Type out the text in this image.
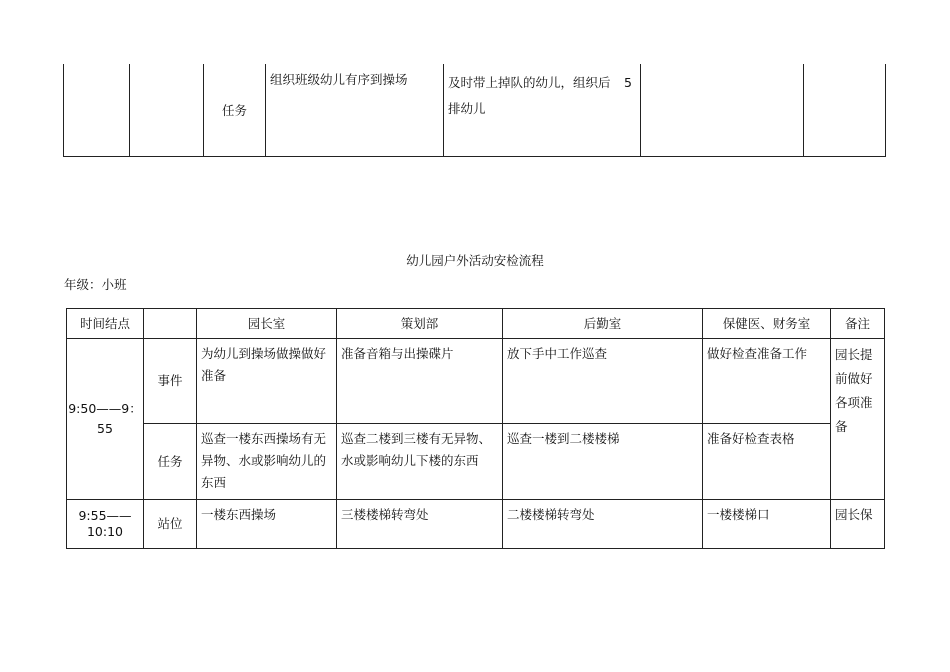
		任务	组织班级幼儿有序到操场	及时带上掉队的幼儿，组织后 5
排幼儿

幼儿园户外活动安检流程
年级：小班
时间结点		园长室	策划部	后勤室	保健医、财务室	备注
9:50——9：55	事件	为幼儿到操场做操做好准备	准备音箱与出操碟片	放下手中工作巡查	做好检查准备工作	园长提前做好各项准备
	任务	巡查一楼东西操场有无异物、水或影响幼儿的东西	巡查二楼到三楼有无异物、水或影响幼儿下楼的东西	巡查一楼到二楼楼梯	准备好检查表格	
9:55——10:10	站位	一楼东西操场	三楼楼梯转弯处	二楼楼梯转弯处	一楼楼梯口	园长保
